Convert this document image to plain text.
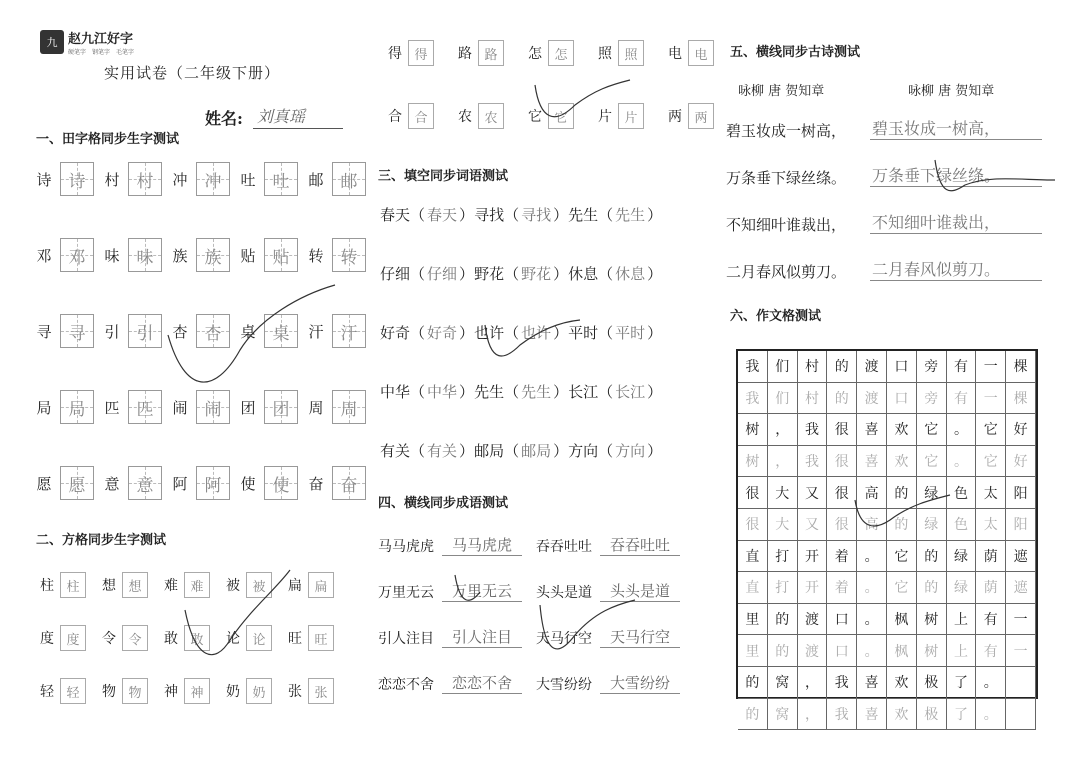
九 赵九江好字
硬笔字 钢笔字 毛笔字
实用试卷（二年级下册）
姓名: 刘真瑶
一、田字格同步生字测试
诗 诗 村 村 冲 冲 吐 吐 邮 邮
邓 邓 味 味 族 族 贴 贴 转 转
寻 寻 引 引 杏 杏 桌 桌 汗 汗
局 局 匹 匹 闹 闹 团 团 周 周
愿 愿 意 意 阿 阿 使 使 奋 奋
二、方格同步生字测试
柱 柱	想 想	难 难	被 被	扁 扁
度 度	令 令	敢 敢	论 论	旺 旺
轻 轻	物 物	神 神	奶 奶	张 张
得 得	路 路	怎 怎	照 照	电 电
合 合	农 农	它 它	片 片	两 两
三、填空同步词语测试
春天 （ 春天 ） 寻找 （ 寻找 ） 先生 （ 先生 ）
仔细 （ 仔细 ） 野花 （ 野花 ） 休息 （ 休息 ）
好奇 （ 好奇 ） 也许 （ 也许 ） 平时 （ 平时 ）
中华 （ 中华 ） 先生 （ 先生 ） 长江 （ 长江 ）
有关 （ 有关 ） 邮局 （ 邮局 ） 方向 （ 方向 ）
四、横线同步成语测试
马马虎虎	马马虎虎	吞吞吐吐	吞吞吐吐
万里无云	万里无云	头头是道	头头是道
引人注目	引人注目	天马行空	天马行空
恋恋不舍	恋恋不舍	大雪纷纷	大雪纷纷
五、横线同步古诗测试
咏柳 唐 贺知章	咏柳 唐 贺知章
碧玉妆成一树高， 碧玉妆成一树高，
万条垂下绿丝绦。 万条垂下绿丝绦。
不知细叶谁裁出， 不知细叶谁裁出，
二月春风似剪刀。 二月春风似剪刀。
六、作文格测试
我	们	村	的	渡	口	旁	有	一	棵
我	们	村	的	渡	口	旁	有	一	棵
树	，	我	很	喜	欢	它	。	它	好
树	，	我	很	喜	欢	它	。	它	好
很	大	又	很	高	的	绿	色	太	阳
很	大	又	很	高	的	绿	色	太	阳
直	打	开	着	。	它	的	绿	荫	遮
直	打	开	着	。	它	的	绿	荫	遮
里	的	渡	口	。	枫	树	上	有	一
里	的	渡	口	。	枫	树	上	有	一
的	窝	，	我	喜	欢	极	了	。
的	窝	，	我	喜	欢	极	了	。
